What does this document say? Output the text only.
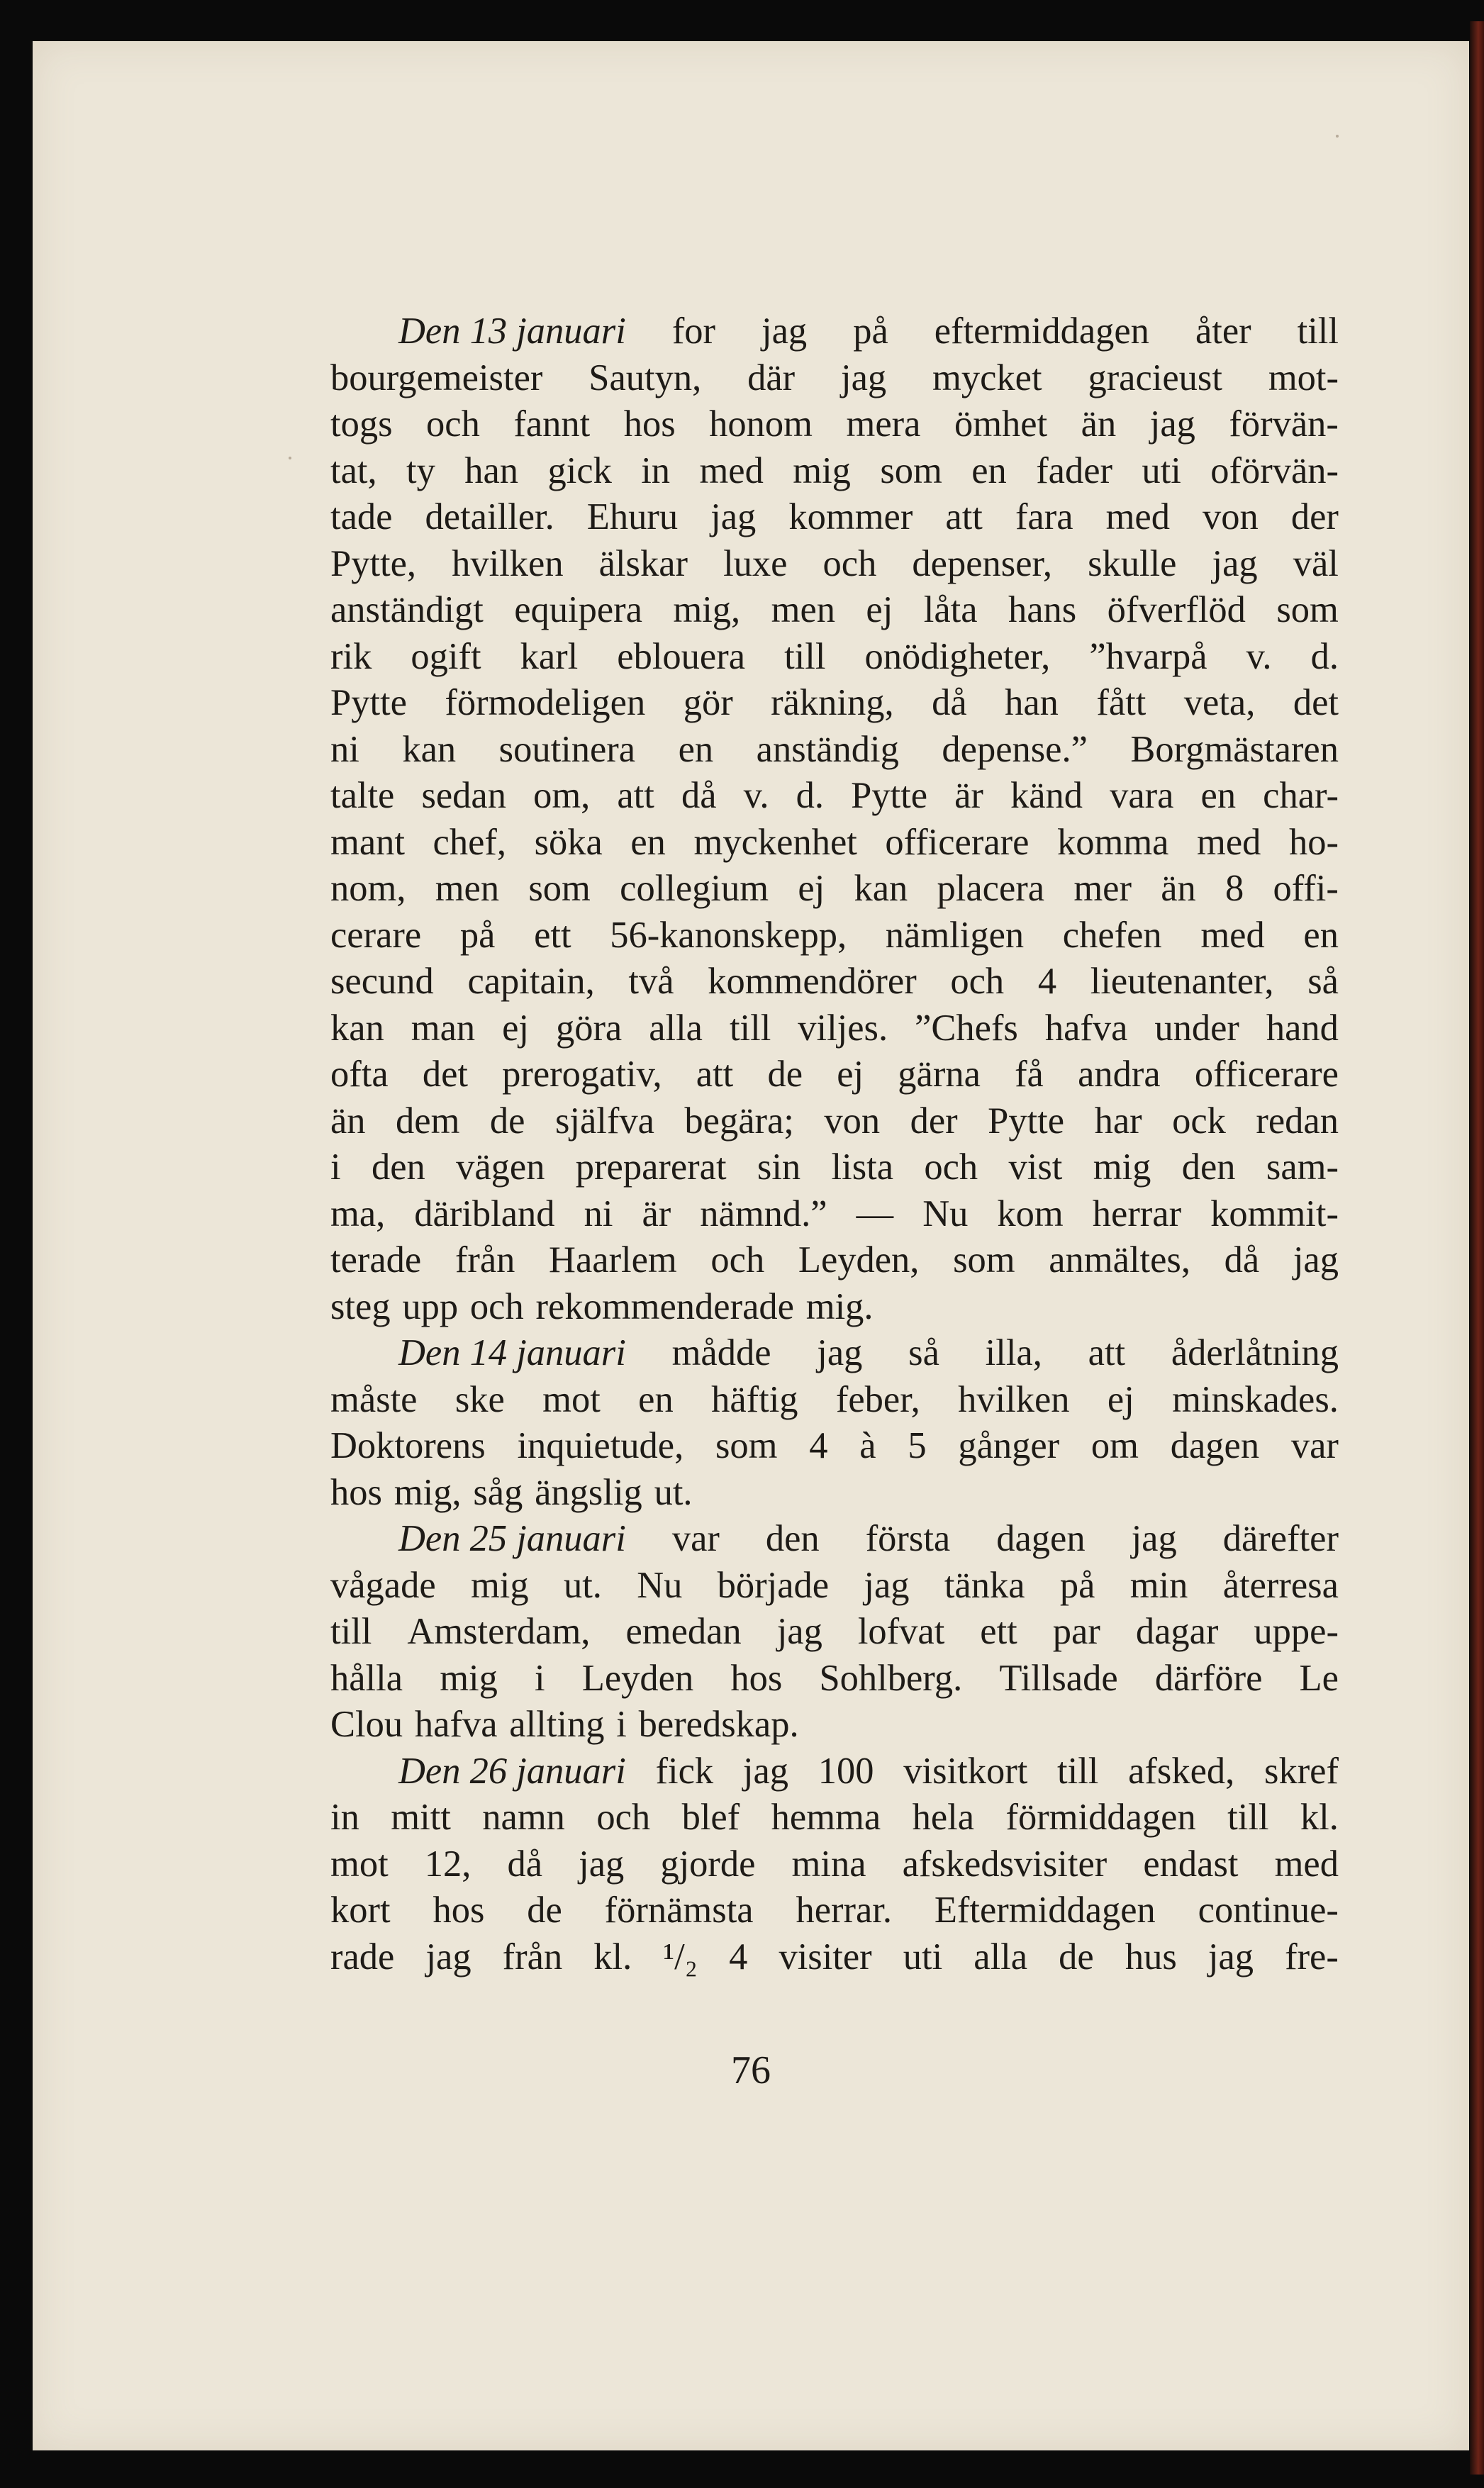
Den 13 januari for jag på eftermiddagen åter till
bourgemeister Sautyn, där jag mycket gracieust mot-
togs och fannt hos honom mera ömhet än jag förvän-
tat, ty han gick in med mig som en fader uti oförvän-
tade detailler. Ehuru jag kommer att fara med von der
Pytte, hvilken älskar luxe och depenser, skulle jag väl
anständigt equipera mig, men ej låta hans öfverflöd som
rik ogift karl eblouera till onödigheter, ”hvarpå v. d.
Pytte förmodeligen gör räkning, då han fått veta, det
ni kan soutinera en anständig depense.” Borgmästaren
talte sedan om, att då v. d. Pytte är känd vara en char-
mant chef, söka en myckenhet officerare komma med ho-
nom, men som collegium ej kan placera mer än 8 offi-
cerare på ett 56-kanonskepp, nämligen chefen med en
secund capitain, två kommendörer och 4 lieutenanter, så
kan man ej göra alla till viljes. ”Chefs hafva under hand
ofta det prerogativ, att de ej gärna få andra officerare
än dem de själfva begära; von der Pytte har ock redan
i den vägen preparerat sin lista och vist mig den sam-
ma, däribland ni är nämnd.” — Nu kom herrar kommit-
terade från Haarlem och Leyden, som anmältes, då jag
steg upp och rekommenderade mig.
Den 14 januari mådde jag så illa, att åderlåtning
måste ske mot en häftig feber, hvilken ej minskades.
Doktorens inquietude, som 4 à 5 gånger om dagen var
hos mig, såg ängslig ut.
Den 25 januari var den första dagen jag därefter
vågade mig ut. Nu började jag tänka på min återresa
till Amsterdam, emedan jag lofvat ett par dagar uppe-
hålla mig i Leyden hos Sohlberg. Tillsade därföre Le
Clou hafva allting i beredskap.
Den 26 januari fick jag 100 visitkort till afsked, skref
in mitt namn och blef hemma hela förmiddagen till kl.
mot 12, då jag gjorde mina afskedsvisiter endast med
kort hos de förnämsta herrar. Eftermiddagen continue-
rade jag från kl. ¹/₂ 4 visiter uti alla de hus jag fre-
76
